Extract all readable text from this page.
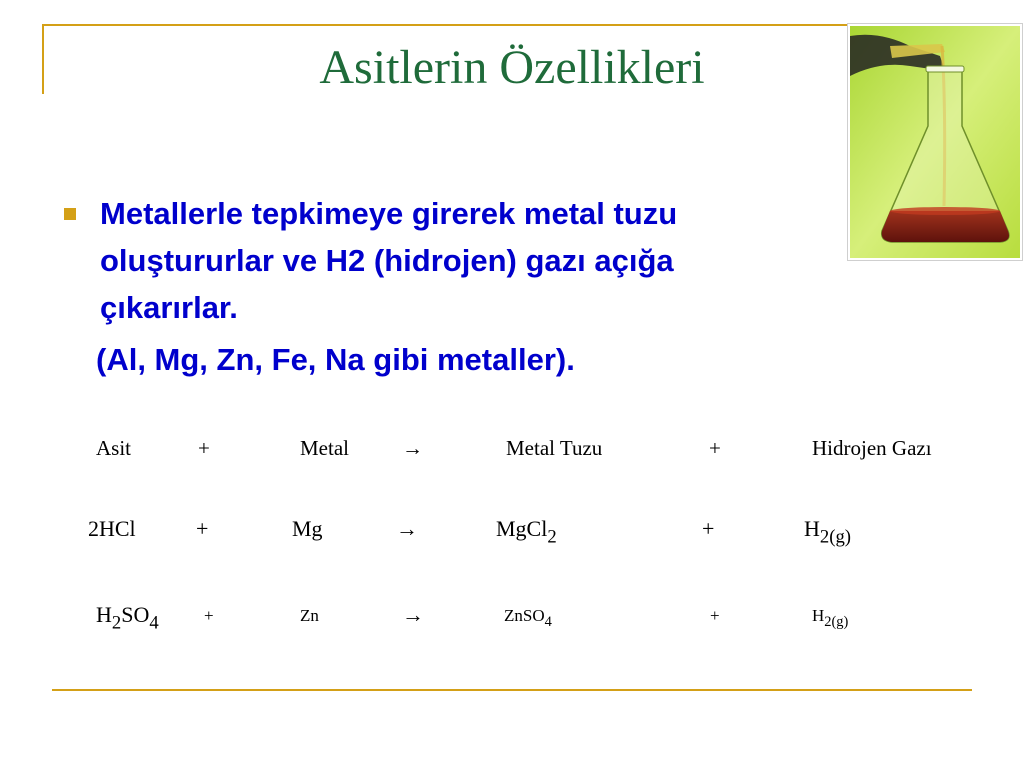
Asitlerin Özellikleri
Metallerle tepkimeye girerek metal tuzu
oluştururlar ve H2 (hidrojen) gazı açığa
çıkarırlar.
(Al, Mg, Zn, Fe, Na gibi metaller).
Asit	+	Metal	→	Metal Tuzu	+	Hidrojen Gazı
2HCl	+	Mg	→	MgCl$_2$	+	$H_{2(g)}$
$H_2SO_4$	+	Zn	→	ZnSO$_4$	+	$H_{2(g)}$
